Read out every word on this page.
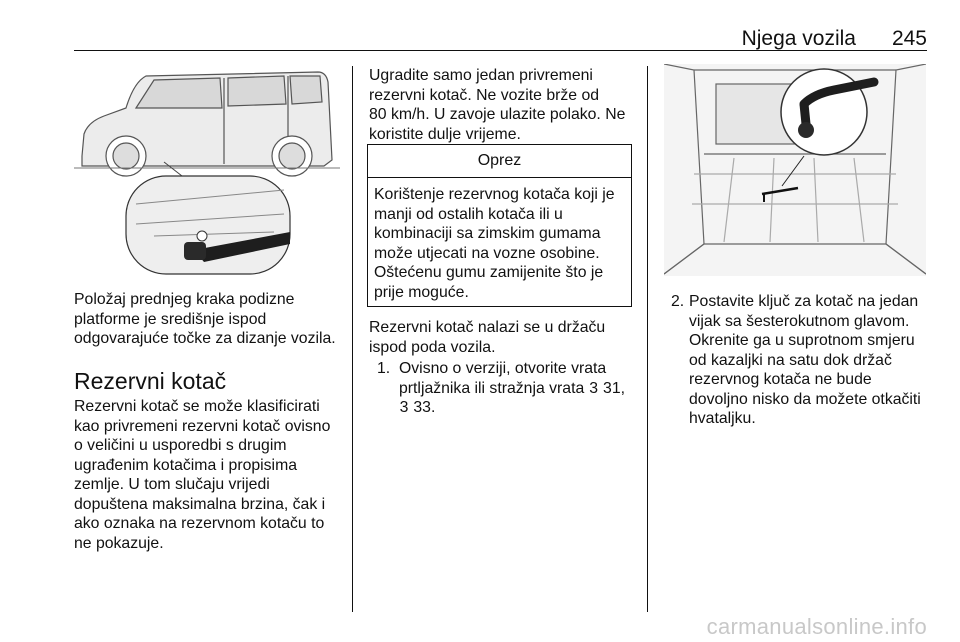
Njega vozila 245

Položaj prednjeg kraka podizne

platforme je središnje ispod

odgovarajuće točke za dizanje vozila.

Rezervni kotač

Rezervni kotač se može klasificirati

kao privremeni rezervni kotač ovisno

o veličini u usporedbi s drugim

ugrađenim kotačima i propisima

zemlje. U tom slučaju vrijedi

dopuštena maksimalna brzina, čak i

ako oznaka na rezervnom kotaču to

ne pokazuje.

Ugradite samo jedan privremeni

rezervni kotač. Ne vozite brže od

80 km/h. U zavoje ulazite polako. Ne

koristite dulje vrijeme.

Oprez
Korištenje rezervnog kotača koji je
manji od ostalih kotača ili u
kombinaciji sa zimskim gumama
može utjecati na vozne osobine.
Oštećenu gumu zamijenite što je
prije moguće.

Rezervni kotač nalazi se u držaču

ispod poda vozila.

1. Ovisno o verziji, otvorite vrata
prtljažnika ili stražnja vrata 3 31,
3 33.
2. Postavite ključ za kotač na jedan
vijak sa šesterokutnom glavom.
Okrenite ga u suprotnom smjeru
od kazaljki na satu dok držač
rezervnog kotača ne bude
dovoljno nisko da možete otkačiti
hvataljku.
carmanualsonline.info
